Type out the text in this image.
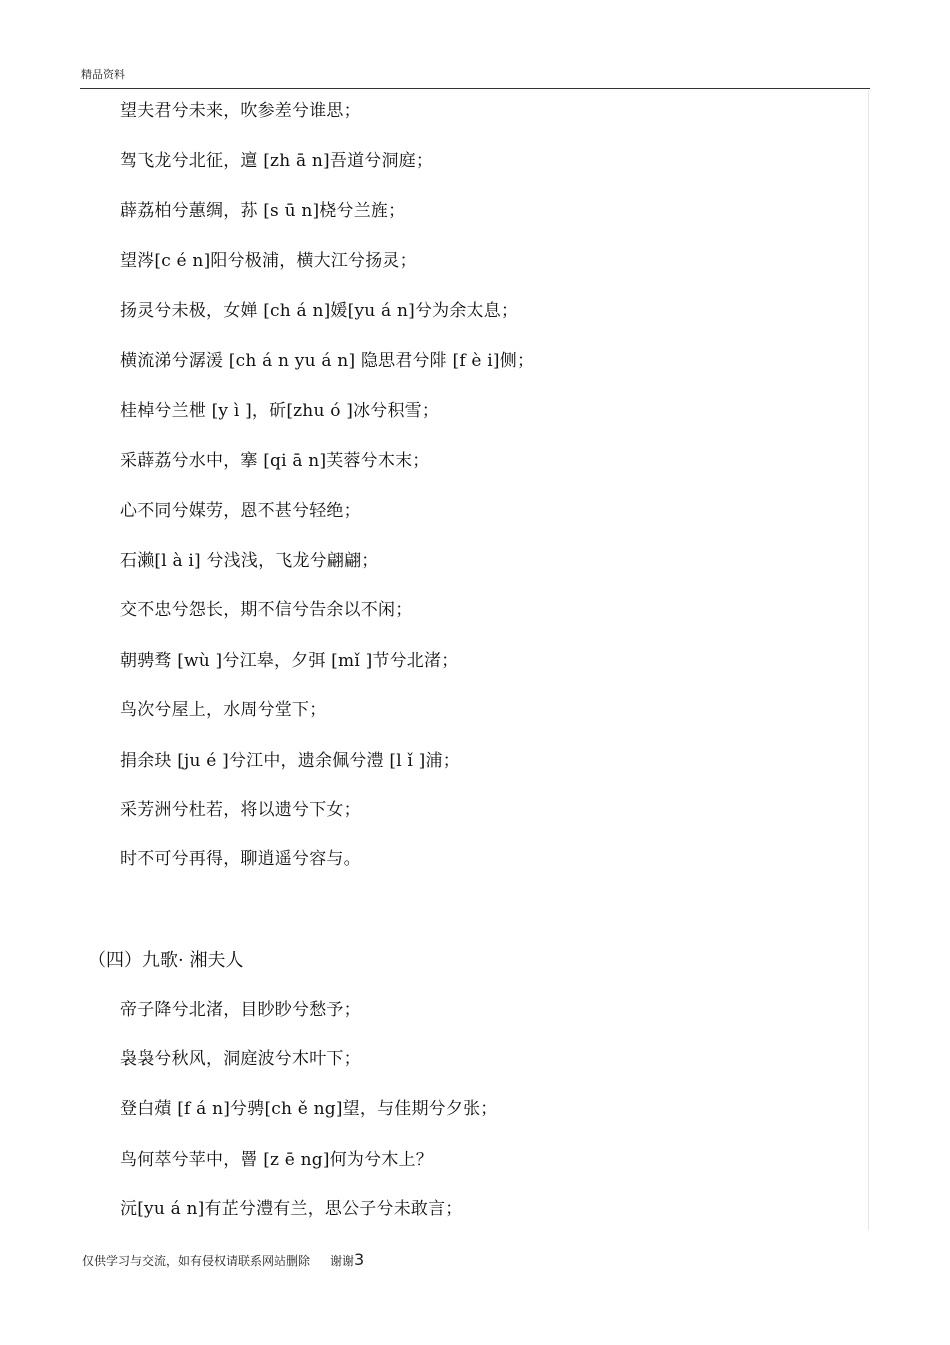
精品资料
望夫君兮未来，吹参差兮谁思；
驾飞龙兮北征，邅 [zh ā n]吾道兮洞庭；
薜荔柏兮蕙绸，荪 [s ū n]桡兮兰旌；
望涔[c é n]阳兮极浦，横大江兮扬灵；
扬灵兮未极，女婵 [ch á n]媛[yu á n]兮为余太息；
横流涕兮潺湲 [ch á n yu á n] 隐思君兮陫 [f è i]侧；
桂棹兮兰枻 [y ì ]，斫[zhu ó ]冰兮积雪；
采薜荔兮水中，搴 [qi ā n]芙蓉兮木末；
心不同兮媒劳，恩不甚兮轻绝；
石濑[l à i] 兮浅浅，飞龙兮翩翩；
交不忠兮怨长，期不信兮告余以不闲；
朝骋骛 [wù ]兮江皋，夕弭 [mǐ ]节兮北渚；
鸟次兮屋上，水周兮堂下；
捐余玦 [ju é ]兮江中，遗余佩兮澧 [l ǐ ]浦；
采芳洲兮杜若，将以遗兮下女；
时不可兮再得，聊逍遥兮容与。
（四）九歌· 湘夫人
帝子降兮北渚，目眇眇兮愁予；
袅袅兮秋风，洞庭波兮木叶下；
登白薠 [f á n]兮骋[ch ě ng]望，与佳期兮夕张；
鸟何萃兮苹中，罾 [z ē ng]何为兮木上？
沅[yu á n]有芷兮澧有兰，思公子兮未敢言；
仅供学习与交流，如有侵权请联系网站删除 谢谢3
